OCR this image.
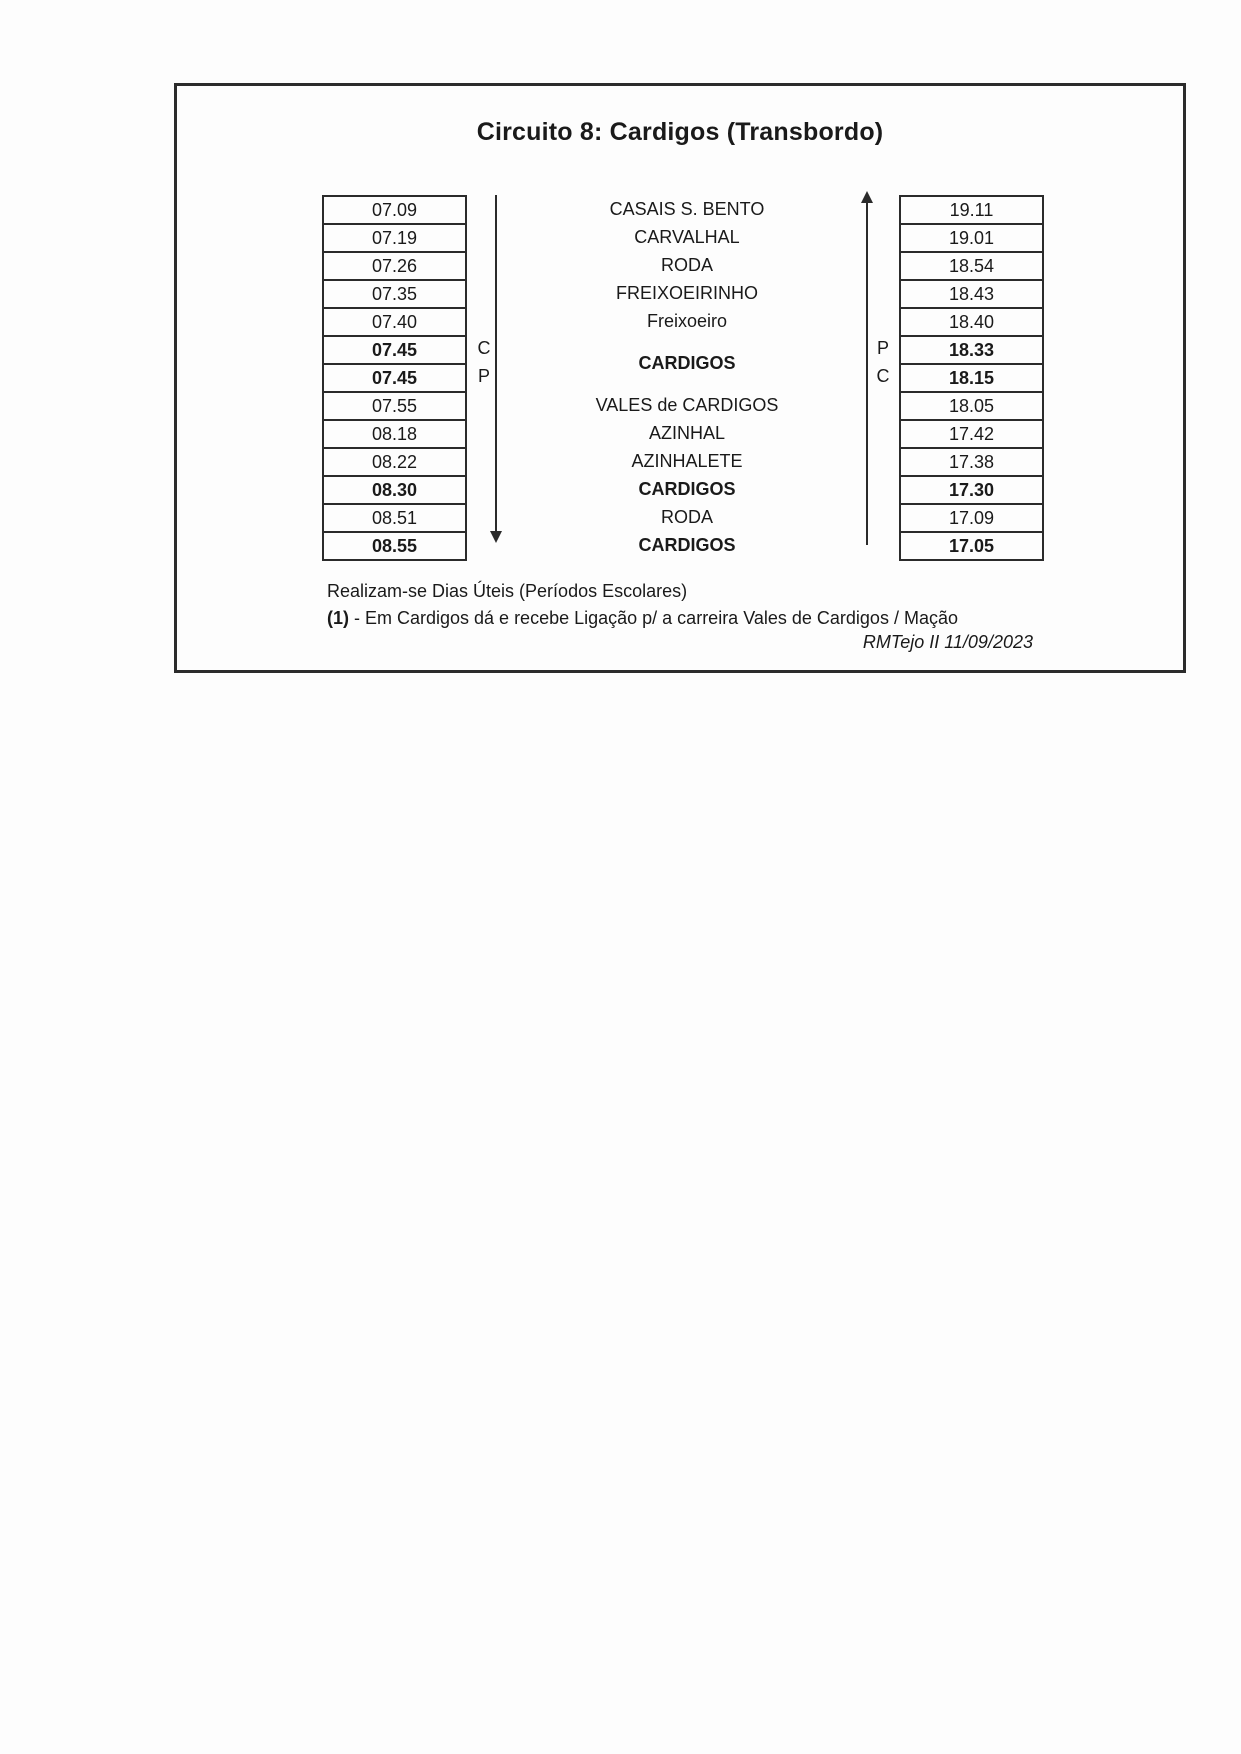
Circuito 8: Cardigos (Transbordo)
07.09
07.19
07.26
07.35
07.40
07.45
07.45
07.55
08.18
08.22
08.30
08.51
08.55
CASAIS S. BENTO
CARVALHAL
RODA
FREIXOEIRINHO
Freixoeiro
CARDIGOS
VALES de CARDIGOS
AZINHAL
AZINHALETE
CARDIGOS
RODA
CARDIGOS
19.11
19.01
18.54
18.43
18.40
18.33
18.15
18.05
17.42
17.38
17.30
17.09
17.05
C
P
P
C
Realizam-se Dias Úteis (Períodos Escolares)
(1) - Em Cardigos dá e recebe Ligação p/ a carreira Vales de Cardigos / Mação
RMTejo II 11/09/2023
